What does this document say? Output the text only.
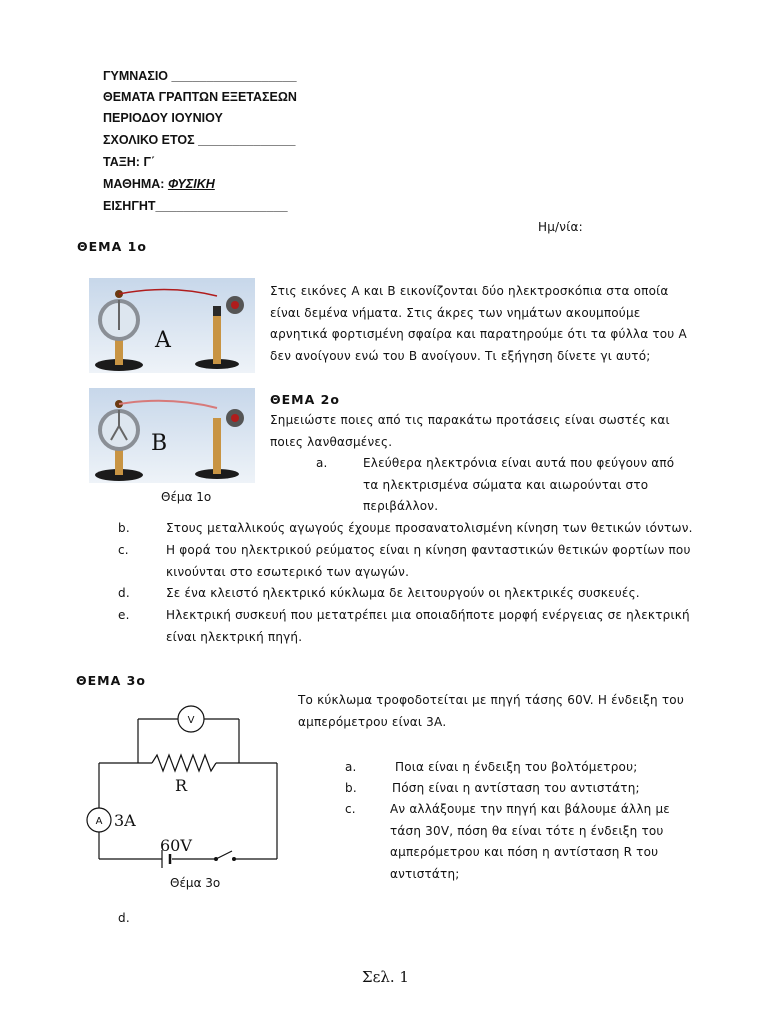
ΓΥΜΝΑΣΙΟ __________________
ΘΕΜΑΤΑ ΓΡΑΠΤΩΝ ΕΞΕΤΑΣΕΩΝ
ΠΕΡΙΟΔΟΥ ΙΟΥΝΙΟΥ
ΣΧΟΛΙΚΟ ΕΤΟΣ ______________
ΤΑΞΗ: Γ΄
ΜΑΘΗΜΑ: ΦΥΣΙΚΗ
ΕΙΣΗΓΗΤ___________________
Ημ/νία:
ΘΕΜΑ 1ο
A
B
Θέμα 1ο
Στις εικόνες Α και Β εικονίζονται δύο ηλεκτροσκόπια στα οποία
είναι δεμένα νήματα. Στις άκρες των νημάτων ακουμπούμε
αρνητικά φορτισμένη σφαίρα και παρατηρούμε ότι τα φύλλα του Α
δεν ανοίγουν ενώ του Β ανοίγουν. Τι εξήγηση δίνετε γι αυτό;
ΘΕΜΑ 2ο
Σημειώστε ποιες από τις παρακάτω προτάσεις είναι σωστές και
ποιες λανθασμένες.
a.	Ελεύθερα ηλεκτρόνια είναι αυτά που φεύγουν από
τα ηλεκτρισμένα σώματα και αιωρούνται στο
περιβάλλον.
b.	Στους μεταλλικούς αγωγούς έχουμε προσανατολισμένη κίνηση των θετικών ιόντων.
c.	Η φορά του ηλεκτρικού ρεύματος είναι η κίνηση φανταστικών θετικών φορτίων που
κινούνται στο εσωτερικό των αγωγών.
d.	Σε ένα κλειστό ηλεκτρικό κύκλωμα δε λειτουργούν οι ηλεκτρικές συσκευές.
e.	Ηλεκτρική συσκευή που μετατρέπει μια οποιαδήποτε μορφή ενέργειας σε ηλεκτρική
είναι ηλεκτρική πηγή.
ΘΕΜΑ 3ο
Το κύκλωμα τροφοδοτείται με πηγή τάσης 60V. Η ένδειξη του
αμπερόμετρου είναι 3Α.
V
A
R
3A
60V
Θέμα 3ο
a.	Ποια είναι η ένδειξη του βολτόμετρου;
b.	Πόση είναι η αντίσταση του αντιστάτη;
c.	Αν αλλάξουμε την πηγή και βάλουμε άλλη με
τάση 30V, πόση θα είναι τότε η ένδειξη του
αμπερόμετρου και πόση η αντίσταση R του
αντιστάτη;
d.
Σελ. 1
